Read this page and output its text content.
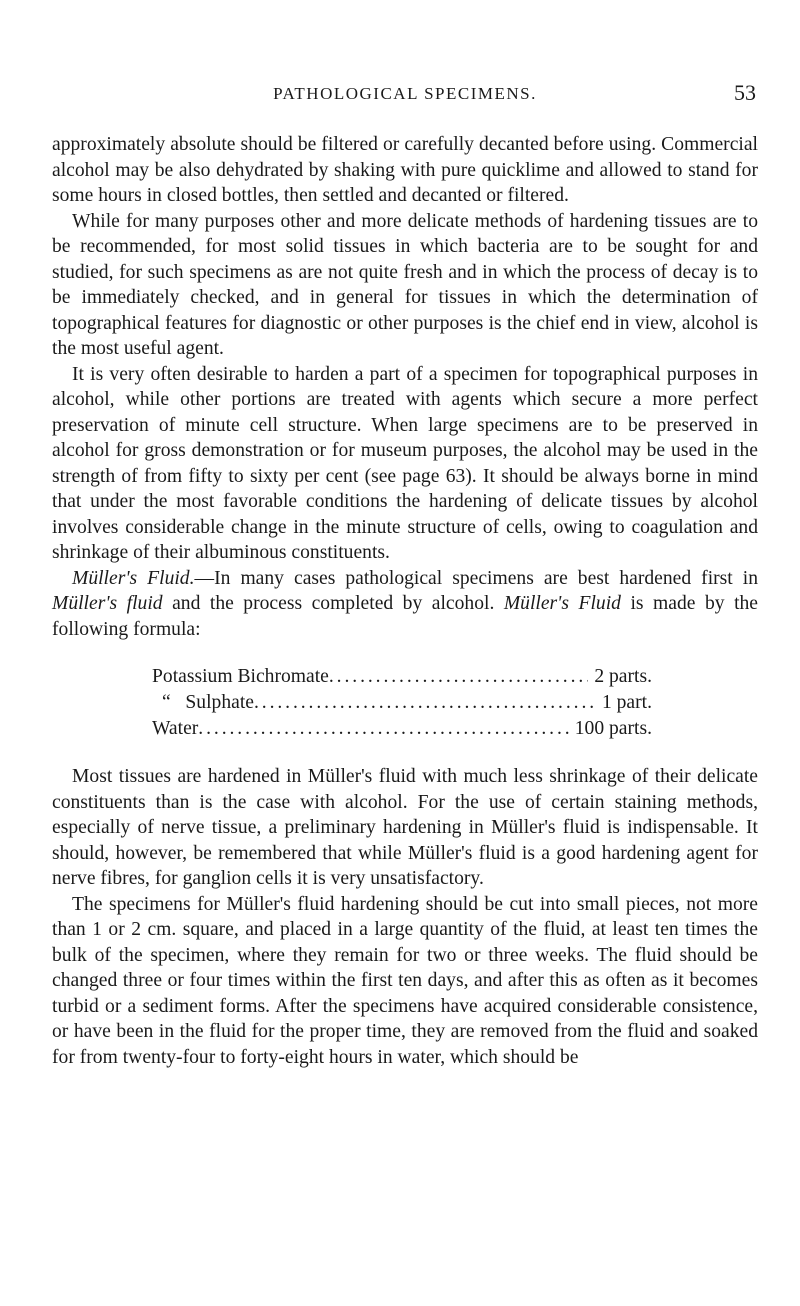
PATHOLOGICAL SPECIMENS.	53

approximately absolute should be filtered or carefully decanted before using. Commercial alcohol may be also dehydrated by shaking with pure quicklime and allowed to stand for some hours in closed bottles, then settled and decanted or filtered.

While for many purposes other and more delicate methods of hardening tissues are to be recommended, for most solid tissues in which bacteria are to be sought for and studied, for such specimens as are not quite fresh and in which the process of decay is to be immediately checked, and in general for tissues in which the determination of topographical features for diagnostic or other purposes is the chief end in view, alcohol is the most useful agent.

It is very often desirable to harden a part of a specimen for topographical purposes in alcohol, while other portions are treated with agents which secure a more perfect preservation of minute cell structure. When large specimens are to be preserved in alcohol for gross demonstration or for museum purposes, the alcohol may be used in the strength of from fifty to sixty per cent (see page 63). It should be always borne in mind that under the most favorable conditions the hardening of delicate tissues by alcohol involves considerable change in the minute structure of cells, owing to coagulation and shrinkage of their albuminous constituents.

Müller's Fluid.—In many cases pathological specimens are best hardened first in Müller's fluid and the process completed by alcohol. Müller's Fluid is made by the following formula:

Potassium Bichromate . . .	2 parts.
“   Sulphate . . .	1 part.
Water . . .	100 parts.

Most tissues are hardened in Müller's fluid with much less shrinkage of their delicate constituents than is the case with alcohol. For the use of certain staining methods, especially of nerve tissue, a preliminary hardening in Müller's fluid is indispensable. It should, however, be remembered that while Müller's fluid is a good hardening agent for nerve fibres, for ganglion cells it is very unsatisfactory.

The specimens for Müller's fluid hardening should be cut into small pieces, not more than 1 or 2 cm. square, and placed in a large quantity of the fluid, at least ten times the bulk of the specimen, where they remain for two or three weeks. The fluid should be changed three or four times within the first ten days, and after this as often as it becomes turbid or a sediment forms. After the specimens have acquired considerable consistence, or have been in the fluid for the proper time, they are removed from the fluid and soaked for from twenty-four to forty-eight hours in water, which should be
